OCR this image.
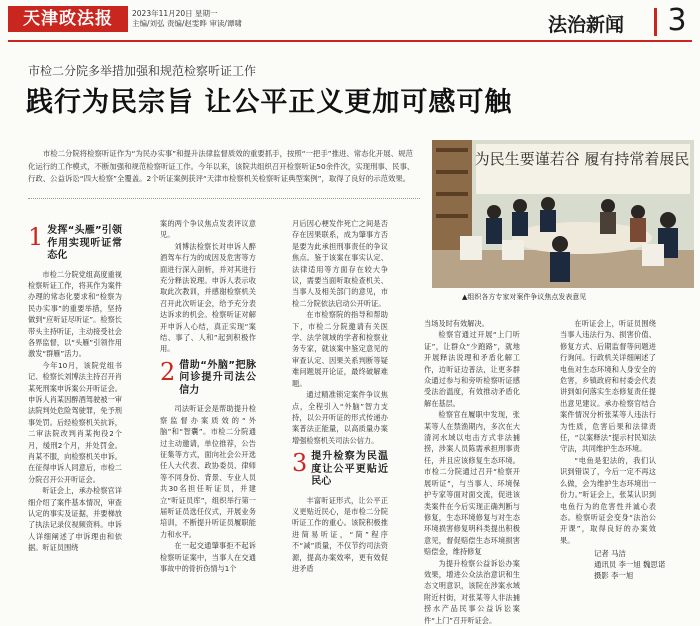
天津政法报	2023年11月20日 星期一
主编/刘弘 责编/赵雯晔 审读/谭啸	法治新闻 3
市检二分院多举措加强和规范检察听证工作
践行为民宗旨 让公平正义更加可感可触
市检二分院将检察听证作为“为民办实事”和提升法律监督质效的重要抓手，按照“一把手”推进、常态化开展、规范化运行的工作模式，不断加强和规范检察听证工作。今年以来，该院共组织召开检察听证50余件次，实现刑事、民事、行政、公益诉讼“四大检察”全覆盖。2个听证案例获评“天津市检察机关检察听证典型案例”，取得了良好的示范效果。
为民生要谨若谷 履有持常着展民
▲组织各方专家对案件争议焦点发表意见
1 发挥“头雁”引领作用实现听证常态化

市检二分院党组高度重视检察听证工作，将其作为案件办理的常态化要求和“检察为民办实事”的重要举措，坚持做到“应听证尽听证”。检察长带头主持听证，主动接受社会各界监督，以“头雁”引领作用激发“群雁”活力。

今年10月，该院党组书记、检察长刘博法主持召开肖某死刑案申诉案公开听证会。申诉人肖某因醉酒驾驶被一审法院判处危险驾驶罪，免予刑事处罚。后经检察机关抗诉，二审法院改判肖某拘役2个月，缓刑2个月，并处罚金。肖某不服，向检察机关申诉。在征得申诉人同意后，市检二分院召开公开听证会。

听证会上，承办检察官详细介绍了案件基本情况，审查认定的事实及证据，并要梯放了执法记录仪视频资料。申诉人详细阐述了申诉理由和依据。听证员围绕

案的两个争议焦点发表评议意见。

刘博法检察长对申诉人醉酒驾车行为的成因及危害等方面进行深入剖析，并对其进行充分释法说理。申诉人表示收取此次教训，并感谢检察机关召开此次听证会，给予充分表达诉求的机会。检察听证对解开申诉人心结，真正实现“案结、事了、人和”起到积极作用。

2 借助“外脑”把脉问诊提升司法公信力

司法听证会是帮助提升检察监督办案质效的“外脑”和“智囊”。市检二分院通过主动邀请，单位推荐，公告征集等方式，面向社会公开选任人大代表、政协委员、律师等不同身份、背景、专业人员共30名担任听证员，并建立“听证员库”，组织举行第一届听证员选任仪式，开展业务培训，不断提升听证员履职能力和水平。

在一起交通肇事拒不起诉检察听证案中，当事人在交通事故中的骨折伤情与1个

月后因心梗发作死亡之间是否存在因果联系，成为肇事方否是要为此承担刑事责任的争议焦点。鉴于该案在事实认定、法律适用等方面存在较大争议，需要当面听取检查机关、当事人及相关部门的意见，市检二分院依法启动公开听证。

在市检察院的指导和帮助下，市检二分院邀请有关医学、法学领域的学者和检察业务专家，就该案中鉴定意见的审查认定、因果关系判断等疑难问题展开论证，最终破解难题。

通过精准锁定案件争议焦点，全程引入“外脑”智力支持，以公开听证的形式传递办案普法正能量，以高质量办案增强检察机关司法公信力。

3 提升检察为民温度让公平更贴近民心

丰富听证形式，让公平正义更贴近民心，是市检二分院听证工作的重心。该院积极推进简易听证，“简”程序不“减”质量，不仅节约司法资源，提高办案效率，更有效促进矛盾

当场及时有效解决。

检察官通过开展“上门听证”，让群众“少跑路”，就地开展释法说理和矛盾化解工作，边听证边普法，让更多群众通过参与和旁听检察听证感受法治温度，有效推动矛盾化解在基层。

检察官在履职中发现，张某等人在禁渔期内，多次在大清河水域以电击方式非法捕捞，涉案人员陈需承担刑事责任，并且应该修复生态环境。市检二分院通过召开“检察开展听证”，与当事人、环境保护专家等面对面交流，促进该类案件在今后实现正确判断与修复，生态环境修复与对生态环境损害修复明科类提出积极意见，督促赔偿生态环境损害赔偿金，维持修复

为提升检察公益诉讼办案效果，增进公众法治意识和生态文明意识，该院在涉案水域附近村街，对张某等人非法捕捞水产品民事公益诉讼案件“上门”召开听证会。

在听证会上，听证员围绕当事人违法行为、损害价值、修复方式、后期监督等问题进行询问。行政机关详细阐述了电鱼对生态环境和人身安全的危害，乡镇政府和村委会代表讲到如何落实生态修复责任提出意见建议。承办检察官结合案件情况分析张某等人违法行为性质，危害后果和法律责任，“以案释法”提示村民知法守法，共同维护生态环境。

“电鱼是犯法的，我们认识到错误了，今后一定不再这么做，会为维护生态环境出一份力。”听证会上，张某认识到电鱼行为的危害性并诚心表态。检察听证会变身“法治公开课”，取得良好的办案效果。

记者 马洁
通讯员 李一旭 魏思诺
摄影 李一旭
